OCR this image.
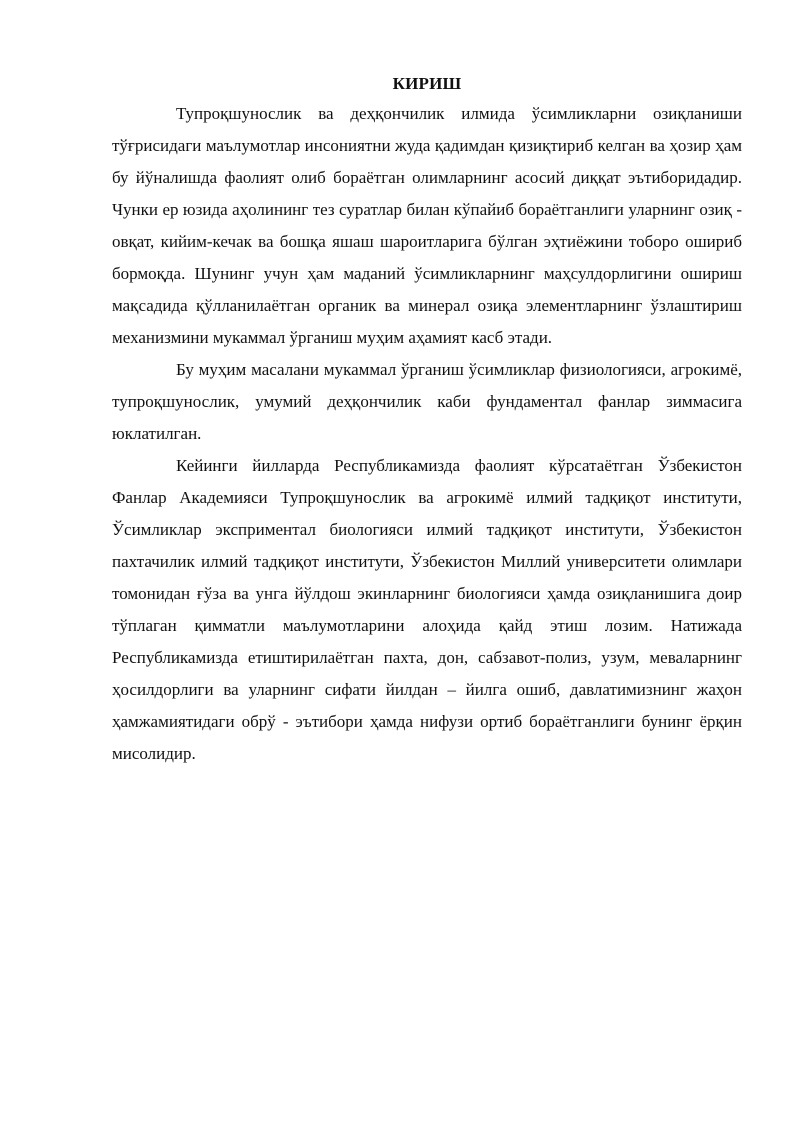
КИРИШ

Тупроқшунослик ва деҳқончилик илмида ўсимликларни озиқланиши тўғрисидаги маълумотлар инсониятни жуда қадимдан қизиқтириб келган ва ҳозир ҳам бу йўналишда фаолият олиб бораётган олимларнинг асосий диққат эътиборидадир. Чунки ер юзида аҳолининг тез суратлар билан кўпайиб бораётганлиги уларнинг озиқ - овқат, кийим-кечак ва бошқа яшаш шароитларига бўлган эҳтиёжини тоборо ошириб бормоқда. Шунинг учун ҳам маданий ўсимликларнинг маҳсулдорлигини ошириш мақсадида қўлланилаётган органик ва минерал озиқа элементларнинг ўзлаштириш механизмини мукаммал ўрганиш муҳим аҳамият касб этади.

Бу муҳим масалани мукаммал ўрганиш ўсимликлар физиологияси, агрокимё, тупроқшунослик, умумий деҳқончилик каби фундаментал фанлар зиммасига юклатилган.

Кейинги йилларда Республикамизда фаолият кўрсатаётган Ўзбекистон Фанлар Академияси Тупроқшунослик ва агрокимё илмий тадқиқот институти, Ўсимликлар эксприментал биологияси илмий тадқиқот институти, Ўзбекистон пахтачилик илмий тадқиқот институти, Ўзбекистон Миллий университети олимлари томонидан ғўза ва унга йўлдош экинларнинг биологияси ҳамда озиқланишига доир тўплаган қимматли маълумотларини алоҳида қайд этиш лозим. Натижада Республикамизда етиштирилаётган пахта, дон, сабзавот-полиз, узум, меваларнинг ҳосилдорлиги ва уларнинг сифати йилдан – йилга ошиб, давлатимизнинг жаҳон ҳамжамиятидаги обрў - эътибори ҳамда нифузи ортиб бораётганлиги бунинг ёрқин мисолидир.
